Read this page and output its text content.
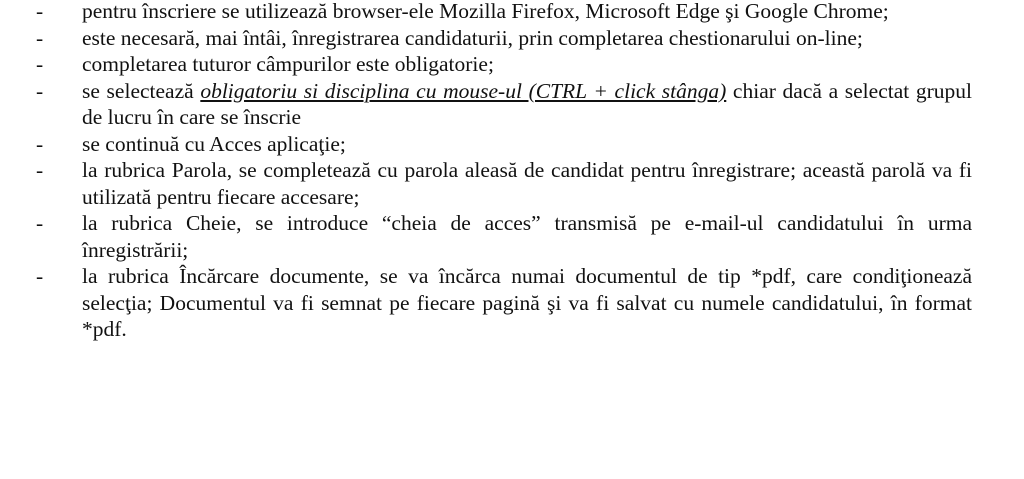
-	pentru înscriere se utilizează browser-ele Mozilla Firefox, Microsoft Edge şi Google Chrome;
-	este necesară, mai întâi, înregistrarea candidaturii, prin completarea chestionarului on-line;
-	completarea tuturor câmpurilor este obligatorie;
-	se selectează obligatoriu si disciplina cu mouse-ul (CTRL + click stânga) chiar dacă a selectat grupul de lucru în care se înscrie
-	se continuă cu Acces aplicaţie;
-	la rubrica Parola, se completează cu parola aleasă de candidat pentru înregistrare; această parolă va fi utilizată pentru fiecare accesare;
-	la rubrica Cheie, se introduce “cheia de acces” transmisă pe e-mail-ul candidatului în urma înregistrării;
-	la rubrica Încărcare documente, se va încărca numai documentul de tip *pdf, care condiţionează selecţia; Documentul va fi semnat pe fiecare pagină şi va fi salvat cu numele candidatului, în format *pdf.
